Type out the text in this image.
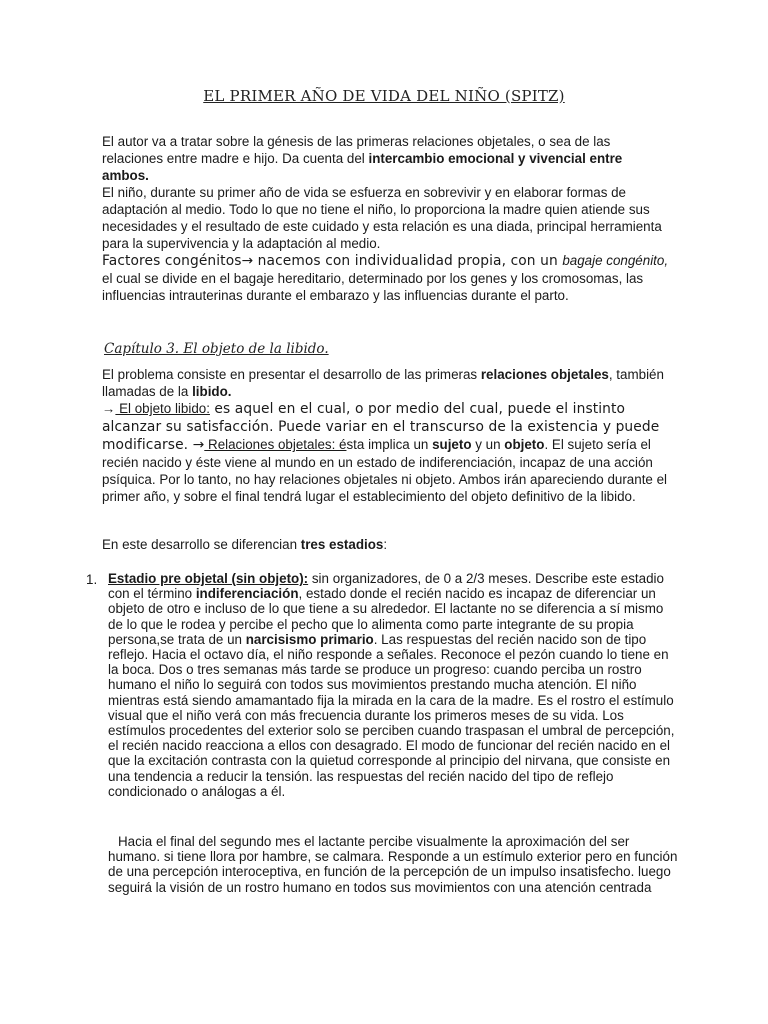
EL PRIMER AÑO DE VIDA DEL NIÑO (SPITZ)

El autor va a tratar sobre la génesis de las primeras relaciones objetales, o sea de las relaciones entre madre e hijo. Da cuenta del intercambio emocional y vivencial entre ambos.

El niño, durante su primer año de vida se esfuerza en sobrevivir y en elaborar formas de adaptación al medio. Todo lo que no tiene el niño, lo proporciona la madre quien atiende sus necesidades y el resultado de este cuidado y esta relación es una diada, principal herramienta para la supervivencia y la adaptación al medio.

Factores congénitos→ nacemos con individualidad propia, con un bagaje congénito, el cual se divide en el bagaje hereditario, determinado por los genes y los cromosomas, las influencias intrauterinas durante el embarazo y las influencias durante el parto.

Capítulo 3. El objeto de la libido.

El problema consiste en presentar el desarrollo de las primeras relaciones objetales, también llamadas de la libido.

→ El objeto libido: es aquel en el cual, o por medio del cual, puede el instinto alcanzar su satisfacción. Puede variar en el transcurso de la existencia y puede modificarse. → Relaciones objetales: ésta implica un sujeto y un objeto. El sujeto sería el recién nacido y éste viene al mundo en un estado de indiferenciación, incapaz de una acción psíquica. Por lo tanto, no hay relaciones objetales ni objeto. Ambos irán apareciendo durante el primer año, y sobre el final tendrá lugar el establecimiento del objeto definitivo de la libido.

En este desarrollo se diferencian tres estadios:

1. Estadio pre objetal (sin objeto): sin organizadores, de 0 a 2/3 meses. Describe este estadio con el término indiferenciación, estado donde el recién nacido es incapaz de diferenciar un objeto de otro e incluso de lo que tiene a su alrededor. El lactante no se diferencia a sí mismo de lo que le rodea y percibe el pecho que lo alimenta como parte integrante de su propia persona,se trata de un narcisismo primario. Las respuestas del recién nacido son de tipo reflejo. Hacia el octavo día, el niño responde a señales. Reconoce el pezón cuando lo tiene en la boca. Dos o tres semanas más tarde se produce un progreso: cuando perciba un rostro humano el niño lo seguirá con todos sus movimientos prestando mucha atención. El niño mientras está siendo amamantado fija la mirada en la cara de la madre. Es el rostro el estímulo visual que el niño verá con más frecuencia durante los primeros meses de su vida. Los estímulos procedentes del exterior solo se perciben cuando traspasan el umbral de percepción, el recién nacido reacciona a ellos con desagrado. El modo de funcionar del recién nacido en el que la excitación contrasta con la quietud corresponde al principio del nirvana, que consiste en una tendencia a reducir la tensión. las respuestas del recién nacido del tipo de reflejo condicionado o análogas a él.
Hacia el final del segundo mes el lactante percibe visualmente la aproximación del ser humano. si tiene llora por hambre, se calmara. Responde a un estímulo exterior pero en función de una percepción interoceptiva, en función de la percepción de un impulso insatisfecho. luego seguirá la visión de un rostro humano en todos sus movimientos con una atención centrada
